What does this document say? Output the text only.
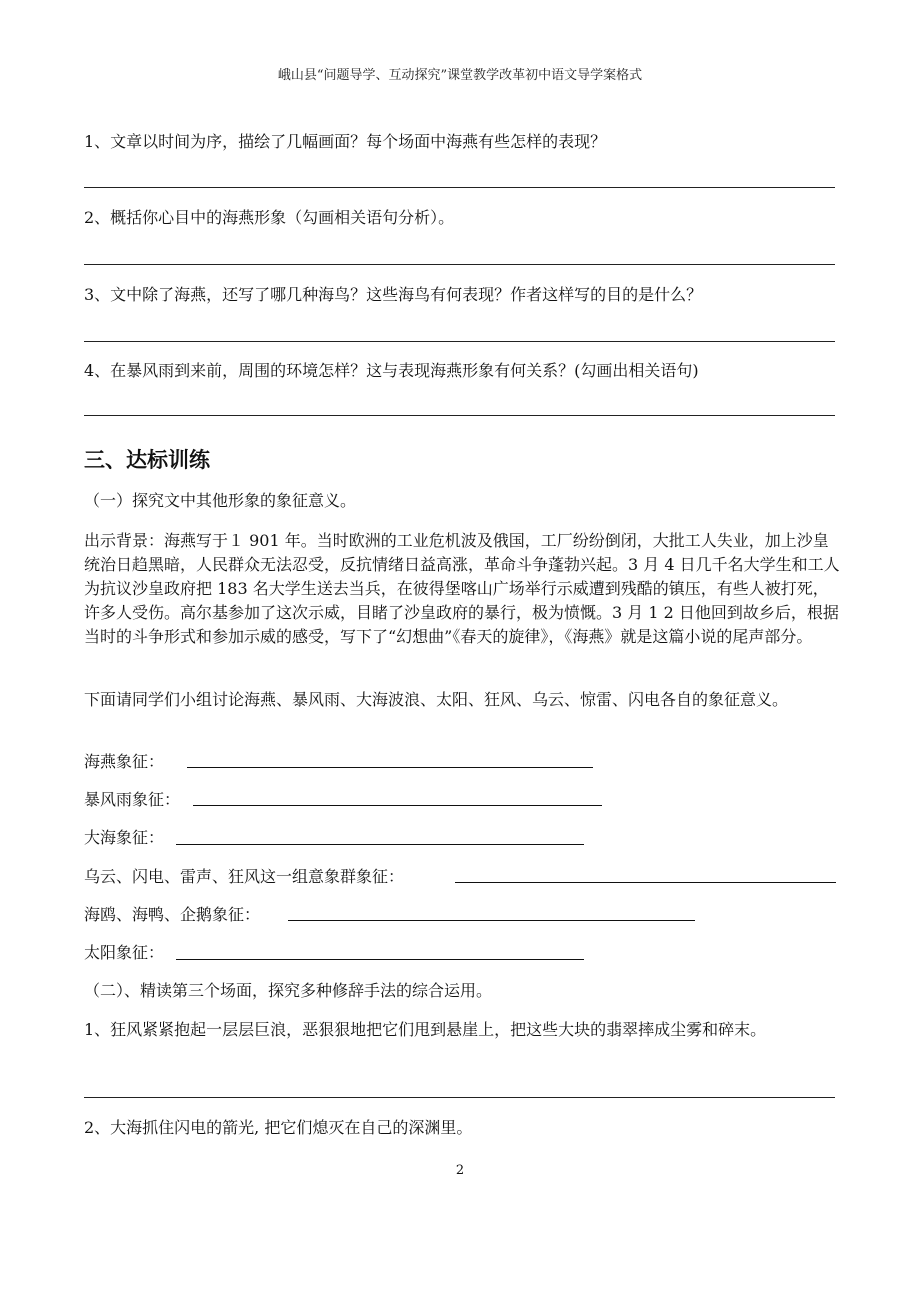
峨山县“问题导学、互动探究”课堂教学改革初中语文导学案格式
1、文章以时间为序，描绘了几幅画面？每个场面中海燕有些怎样的表现？
2、概括你心目中的海燕形象（勾画相关语句分析）。
3、文中除了海燕，还写了哪几种海鸟？这些海鸟有何表现？作者这样写的目的是什么？
4、在暴风雨到来前，周围的环境怎样？这与表现海燕形象有何关系？(勾画出相关语句)
三、达标训练
（一）探究文中其他形象的象征意义。
出示背景：海燕写于１ 901 年。当时欧洲的工业危机波及俄国，工厂纷纷倒闭，大批工人失业，加上沙皇统治日趋黑暗，人民群众无法忍受，反抗情绪日益高涨，革命斗争蓬勃兴起。3 月 4 日几千名大学生和工人为抗议沙皇政府把 183 名大学生送去当兵，在彼得堡喀山广场举行示威遭到残酷的镇压，有些人被打死，许多人受伤。高尔基参加了这次示威，目睹了沙皇政府的暴行，极为愤慨。3 月 1 2 日他回到故乡后，根据当时的斗争形式和参加示威的感受，写下了“幻想曲”《春天的旋律》，《海燕》就是这篇小说的尾声部分。
下面请同学们小组讨论海燕、暴风雨、大海波浪、太阳、狂风、乌云、惊雷、闪电各自的象征意义。
海燕象征：
暴风雨象征：
大海象征：
乌云、闪电、雷声、狂风这一组意象群象征：
海鸥、海鸭、企鹅象征：
太阳象征：
（二）、精读第三个场面，探究多种修辞手法的综合运用。
1、狂风紧紧抱起一层层巨浪，恶狠狠地把它们甩到悬崖上，把这些大块的翡翠摔成尘雾和碎末。
2、大海抓住闪电的箭光, 把它们熄灭在自己的深渊里。
2
